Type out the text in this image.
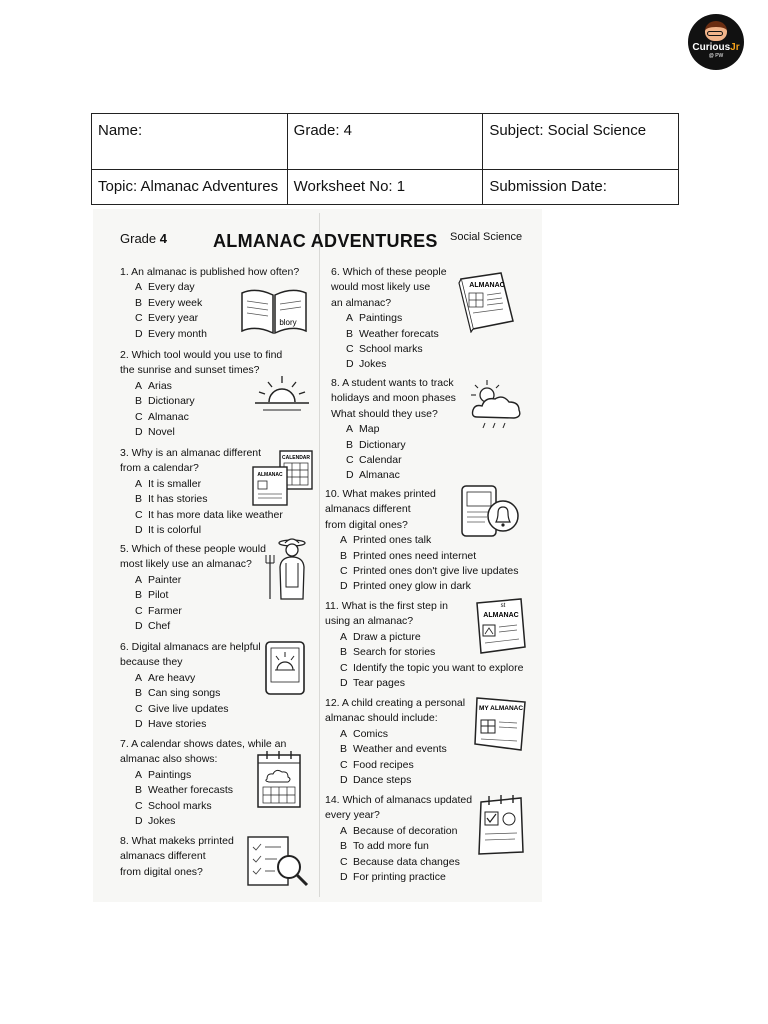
CuriousJr
@ PW
Name:	Grade: 4	Subject: Social Science
Topic: Almanac Adventures	Worksheet No: 1	Submission Date:
Grade 4	ALMANAC ADVENTURES Social Science
1. An almanac is published how often?
A Every day
B Every week
C Every year
D Every month
2. Which tool would you use to find
the sunrise and sunset times?
A Arias
B Dictionary
C Almanac
D Novel
3. Why is an almanac different
from a calendar?
A It is smaller
B It has stories
C It has more data like weather
D It is colorful
5. Which of these people would
most likely use an almanac?
A Painter
B Pilot
C Farmer
D Chef
6. Digital almanacs are helpful
because they
A Are heavy
B Can sing songs
C Give live updates
D Have stories
7. A calendar shows dates, while an
almanac also shows:
A Paintings
B Weather forecasts
C School marks
D Jokes
8. What makeks prrinted
almanacs different
from digital ones?
6. Which of these people
would most likely use
an almanac?
A Paintings
B Weather forecats
C School marks
D Jokes
8. A student wants to track
holidays and moon phases
What should they use?
A Map
B Dictionary
C Calendar
D Almanac
10. What makes printed
almanacs different
from digital ones?
A Printed ones talk
B Printed ones need internet
C Printed ones don't give live updates
D Printed oney glow in dark
11. What is the first step in
using an almanac?
A Draw a picture
B Search for stories
C Identify the topic you want to explore
D Tear pages
12. A child creating a personal
almanac should include:
A Comics
B Weather and events
C Food recipes
D Dance steps
14. Which of almanacs updated
every year?
A Because of decoration
B To add more fun
C Because data changes
D For printing practice
blory
CALENDAR
ALMANAC
ALMANAC
st
ALMANAC
MY ALMANAC
